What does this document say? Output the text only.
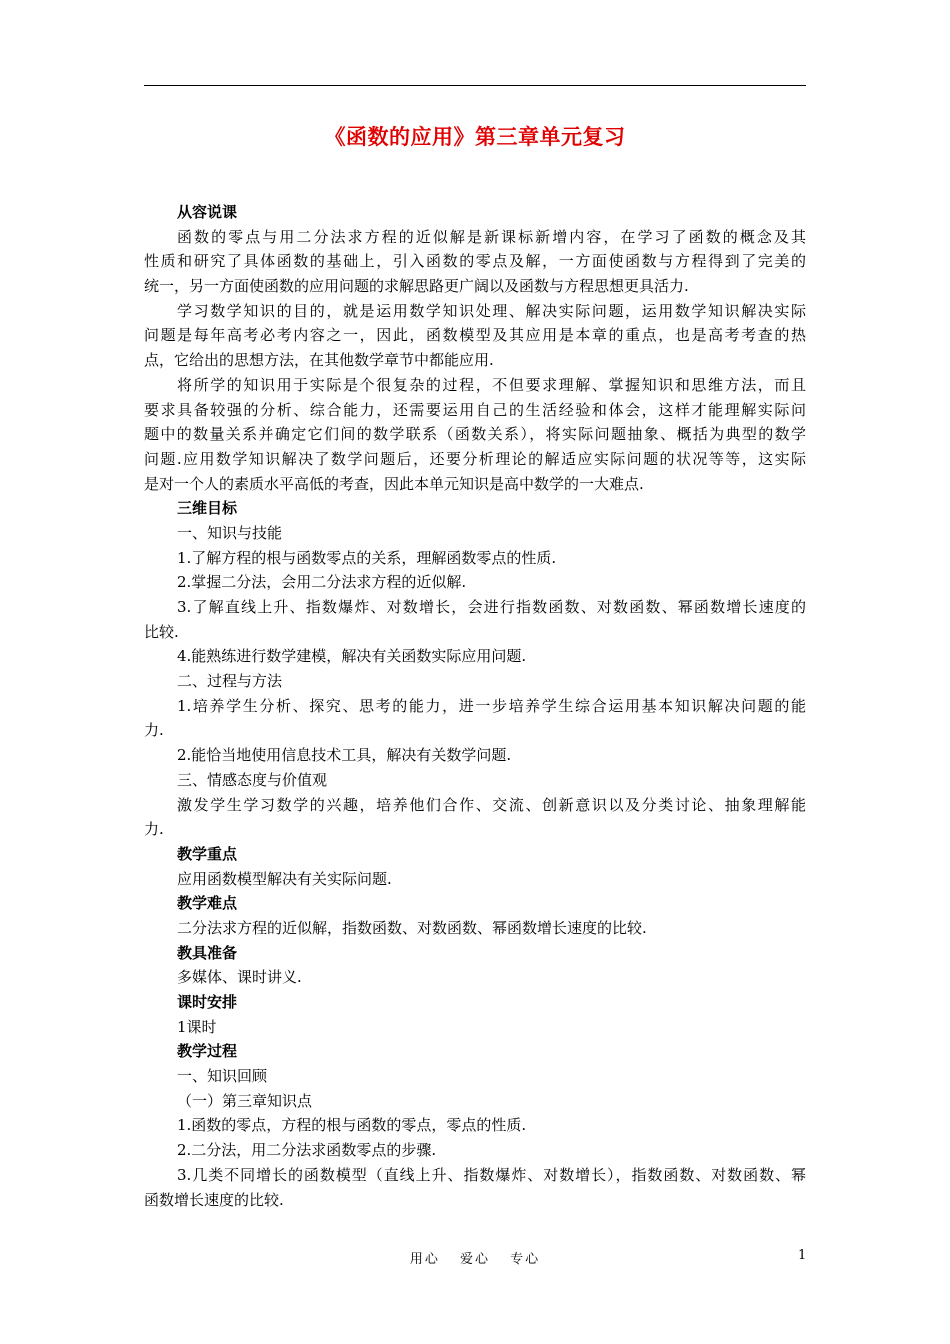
《函数的应用》第三章单元复习
从容说课
函数的零点与用二分法求方程的近似解是新课标新增内容，在学习了函数的概念及其
性质和研究了具体函数的基础上，引入函数的零点及解，一方面使函数与方程得到了完美的
统一，另一方面使函数的应用问题的求解思路更广阔以及函数与方程思想更具活力.
学习数学知识的目的，就是运用数学知识处理、解决实际问题，运用数学知识解决实际
问题是每年高考必考内容之一，因此，函数模型及其应用是本章的重点，也是高考考查的热
点，它给出的思想方法，在其他数学章节中都能应用.
将所学的知识用于实际是个很复杂的过程，不但要求理解、掌握知识和思维方法，而且
要求具备较强的分析、综合能力，还需要运用自己的生活经验和体会，这样才能理解实际问
题中的数量关系并确定它们间的数学联系（函数关系），将实际问题抽象、概括为典型的数学
问题.应用数学知识解决了数学问题后，还要分析理论的解适应实际问题的状况等等，这实际
是对一个人的素质水平高低的考查，因此本单元知识是高中数学的一大难点.
三维目标
一、知识与技能
1.了解方程的根与函数零点的关系，理解函数零点的性质.
2.掌握二分法，会用二分法求方程的近似解.
3.了解直线上升、指数爆炸、对数增长，会进行指数函数、对数函数、幂函数增长速度的
比较.
4.能熟练进行数学建模，解决有关函数实际应用问题.
二、过程与方法
1.培养学生分析、探究、思考的能力，进一步培养学生综合运用基本知识解决问题的能
力.
2.能恰当地使用信息技术工具，解决有关数学问题.
三、情感态度与价值观
激发学生学习数学的兴趣，培养他们合作、交流、创新意识以及分类讨论、抽象理解能
力.
教学重点
应用函数模型解决有关实际问题.
教学难点
二分法求方程的近似解，指数函数、对数函数、幂函数增长速度的比较.
教具准备
多媒体、课时讲义.
课时安排
1课时
教学过程
一、知识回顾
（一）第三章知识点
1.函数的零点，方程的根与函数的零点，零点的性质.
2.二分法，用二分法求函数零点的步骤.
3.几类不同增长的函数模型（直线上升、指数爆炸、对数增长），指数函数、对数函数、幂
函数增长速度的比较.
用心 爱心 专心	1
